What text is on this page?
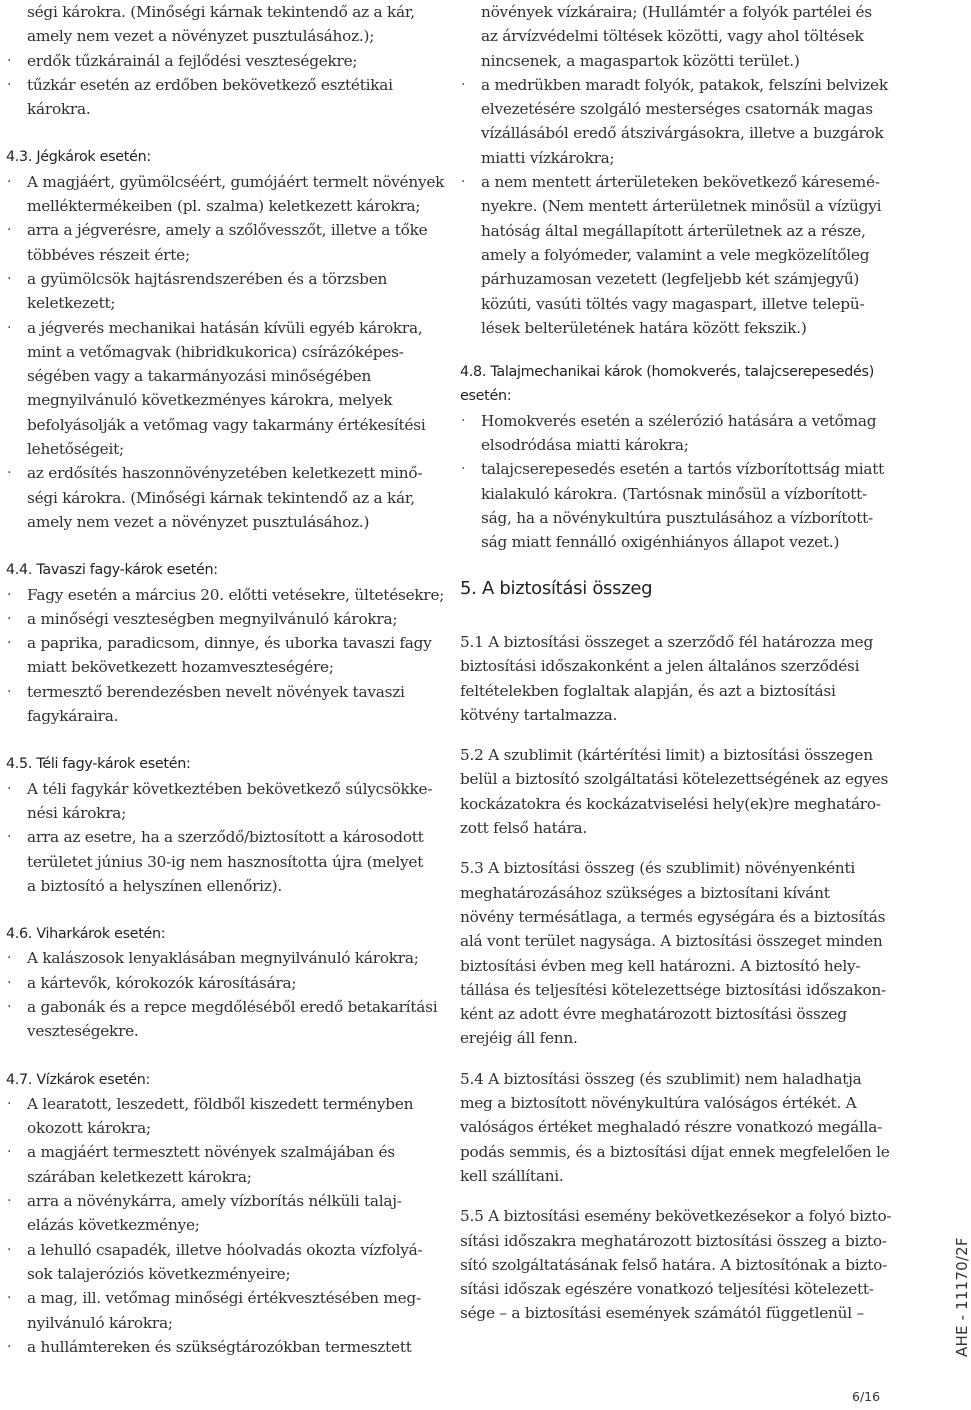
ségi károkra. (Minőségi kárnak tekintendő az a kár,
amely nem vezet a növényzet pusztulásához.);
· erdők tűzkárainál a fejlődési veszteségekre;
· tűzkár esetén az erdőben bekövetkező esztétikai
károkra.
4.3. Jégkárok esetén:
· A magjáért, gyümölcséért, gumójáért termelt növények
melléktermékeiben (pl. szalma) keletkezett károkra;
· arra a jégverésre, amely a szőlővesszőt, illetve a tőke
többéves részeit érte;
· a gyümölcsök hajtásrendszerében és a törzsben
keletkezett;
· a jégverés mechanikai hatásán kívüli egyéb károkra,
mint a vetőmagvak (hibridkukorica) csírázóképes-
ségében vagy a takarmányozási minőségében
megnyilvánuló következményes károkra, melyek
befolyásolják a vetőmag vagy takarmány értékesítési
lehetőségeit;
· az erdősítés haszonnövényzetében keletkezett minő-
ségi károkra. (Minőségi kárnak tekintendő az a kár,
amely nem vezet a növényzet pusztulásához.)
4.4. Tavaszi fagy-károk esetén:
· Fagy esetén a március 20. előtti vetésekre, ültetésekre;
· a minőségi veszteségben megnyilvánuló károkra;
· a paprika, paradicsom, dinnye, és uborka tavaszi fagy
miatt bekövetkezett hozamveszteségére;
· termesztő berendezésben nevelt növények tavaszi
fagykáraira.
4.5. Téli fagy-károk esetén:
· A téli fagykár következtében bekövetkező súlycsökke-
nési károkra;
· arra az esetre, ha a szerződő/biztosított a károsodott
területet június 30-ig nem hasznosította újra (melyet
a biztosító a helyszínen ellenőriz).
4.6. Viharkárok esetén:
· A kalászosok lenyaklásában megnyilvánuló károkra;
· a kártevők, kórokozók károsítására;
· a gabonák és a repce megdőléséből eredő betakarítási
veszteségekre.
4.7. Vízkárok esetén:
· A learatott, leszedett, földből kiszedett terményben
okozott károkra;
· a magjáért termesztett növények szalmájában és
szárában keletkezett károkra;
· arra a növénykárra, amely vízborítás nélküli talaj-
elázás következménye;
· a lehulló csapadék, illetve hóolvadás okozta vízfolyá-
sok talajeróziós következményeire;
· a mag, ill. vetőmag minőségi értékvesztésében meg-
nyilvánuló károkra;
· a hullámtereken és szükségtározókban termesztett
növények vízkáraira; (Hullámtér a folyók partélei és
az árvízvédelmi töltések közötti, vagy ahol töltések
nincsenek, a magaspartok közötti terület.)
· a medrükben maradt folyók, patakok, felszíni belvizek
elvezetésére szolgáló mesterséges csatornák magas
vízállásából eredő átszivárgásokra, illetve a buzgárok
miatti vízkárokra;
· a nem mentett árterületeken bekövetkező káresemé-
nyekre. (Nem mentett árterületnek minősül a vízügyi
hatóság által megállapított árterületnek az a része,
amely a folyómeder, valamint a vele megközelítőleg
párhuzamosan vezetett (legfeljebb két számjegyű)
közúti, vasúti töltés vagy magaspart, illetve telepü-
lések belterületének határa között fekszik.)
4.8. Talajmechanikai károk (homokverés, talajcserepesedés)
esetén:
· Homokverés esetén a szélerózió hatására a vetőmag
elsodródása miatti károkra;
· talajcserepesedés esetén a tartós vízborítottság miatt
kialakuló károkra. (Tartósnak minősül a vízborított-
ság, ha a növénykultúra pusztulásához a vízborított-
ság miatt fennálló oxigénhiányos állapot vezet.)
5. A biztosítási összeg
5.1 A biztosítási összeget a szerződő fél határozza meg
biztosítási időszakonként a jelen általános szerződési
feltételekben foglaltak alapján, és azt a biztosítási
kötvény tartalmazza.
5.2 A szublimit (kártérítési limit) a biztosítási összegen
belül a biztosító szolgáltatási kötelezettségének az egyes
kockázatokra és kockázatviselési hely(ek)re meghatáro-
zott felső határa.
5.3 A biztosítási összeg (és szublimit) növényenkénti
meghatározásához szükséges a biztosítani kívánt
növény termésátlaga, a termés egységára és a biztosítás
alá vont terület nagysága. A biztosítási összeget minden
biztosítási évben meg kell határozni. A biztosító hely-
tállása és teljesítési kötelezettsége biztosítási időszakon-
ként az adott évre meghatározott biztosítási összeg
erejéig áll fenn.
5.4 A biztosítási összeg (és szublimit) nem haladhatja
meg a biztosított növénykultúra valóságos értékét. A
valóságos értéket meghaladó részre vonatkozó megálla-
podás semmis, és a biztosítási díjat ennek megfelelően le
kell szállítani.
5.5 A biztosítási esemény bekövetkezésekor a folyó bizto-
sítási időszakra meghatározott biztosítási összeg a bizto-
sító szolgáltatásának felső határa. A biztosítónak a bizto-
sítási időszak egészére vonatkozó teljesítési kötelezett-
sége – a biztosítási események számától függetlenül –	AHE - 11170/2F
6/16
